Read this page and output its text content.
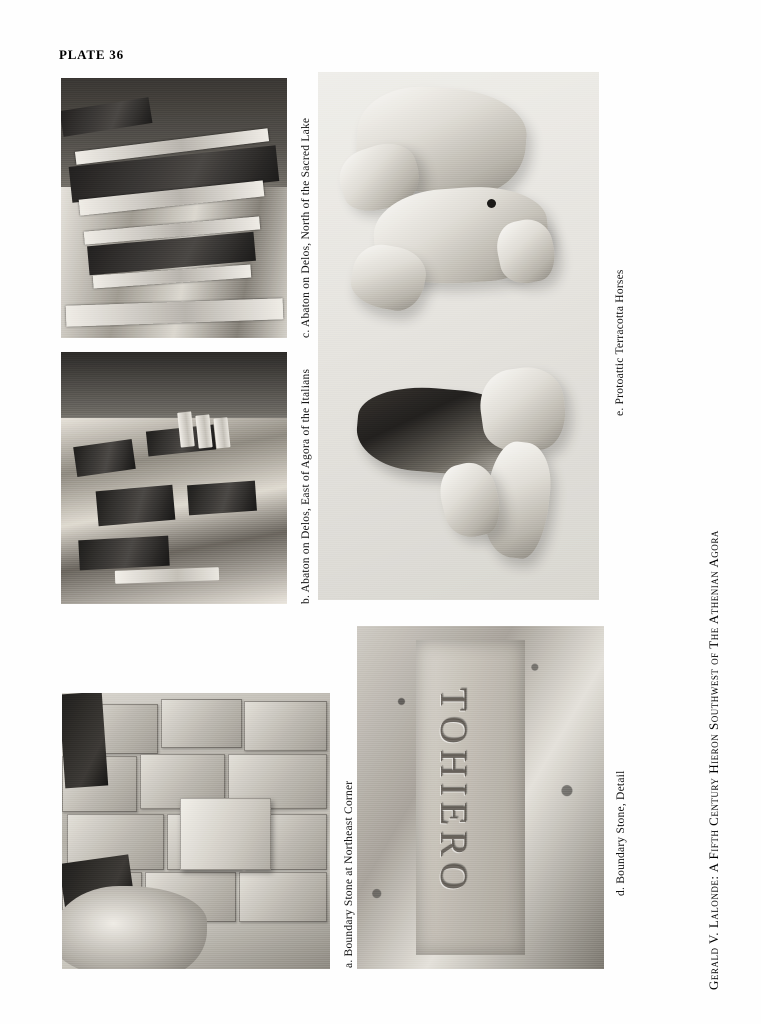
PLATE 36
c. Abaton on Delos, North of the Sacred Lake
b. Abaton on Delos, East of Agora of the Italians
e. Protoattic Terracotta Horses
d. Boundary Stone, Detail
a. Boundary Stone at Northeast Corner	Gerald V. Lalonde: A Fifth Century Hieron Southwest of The Athenian Agora
